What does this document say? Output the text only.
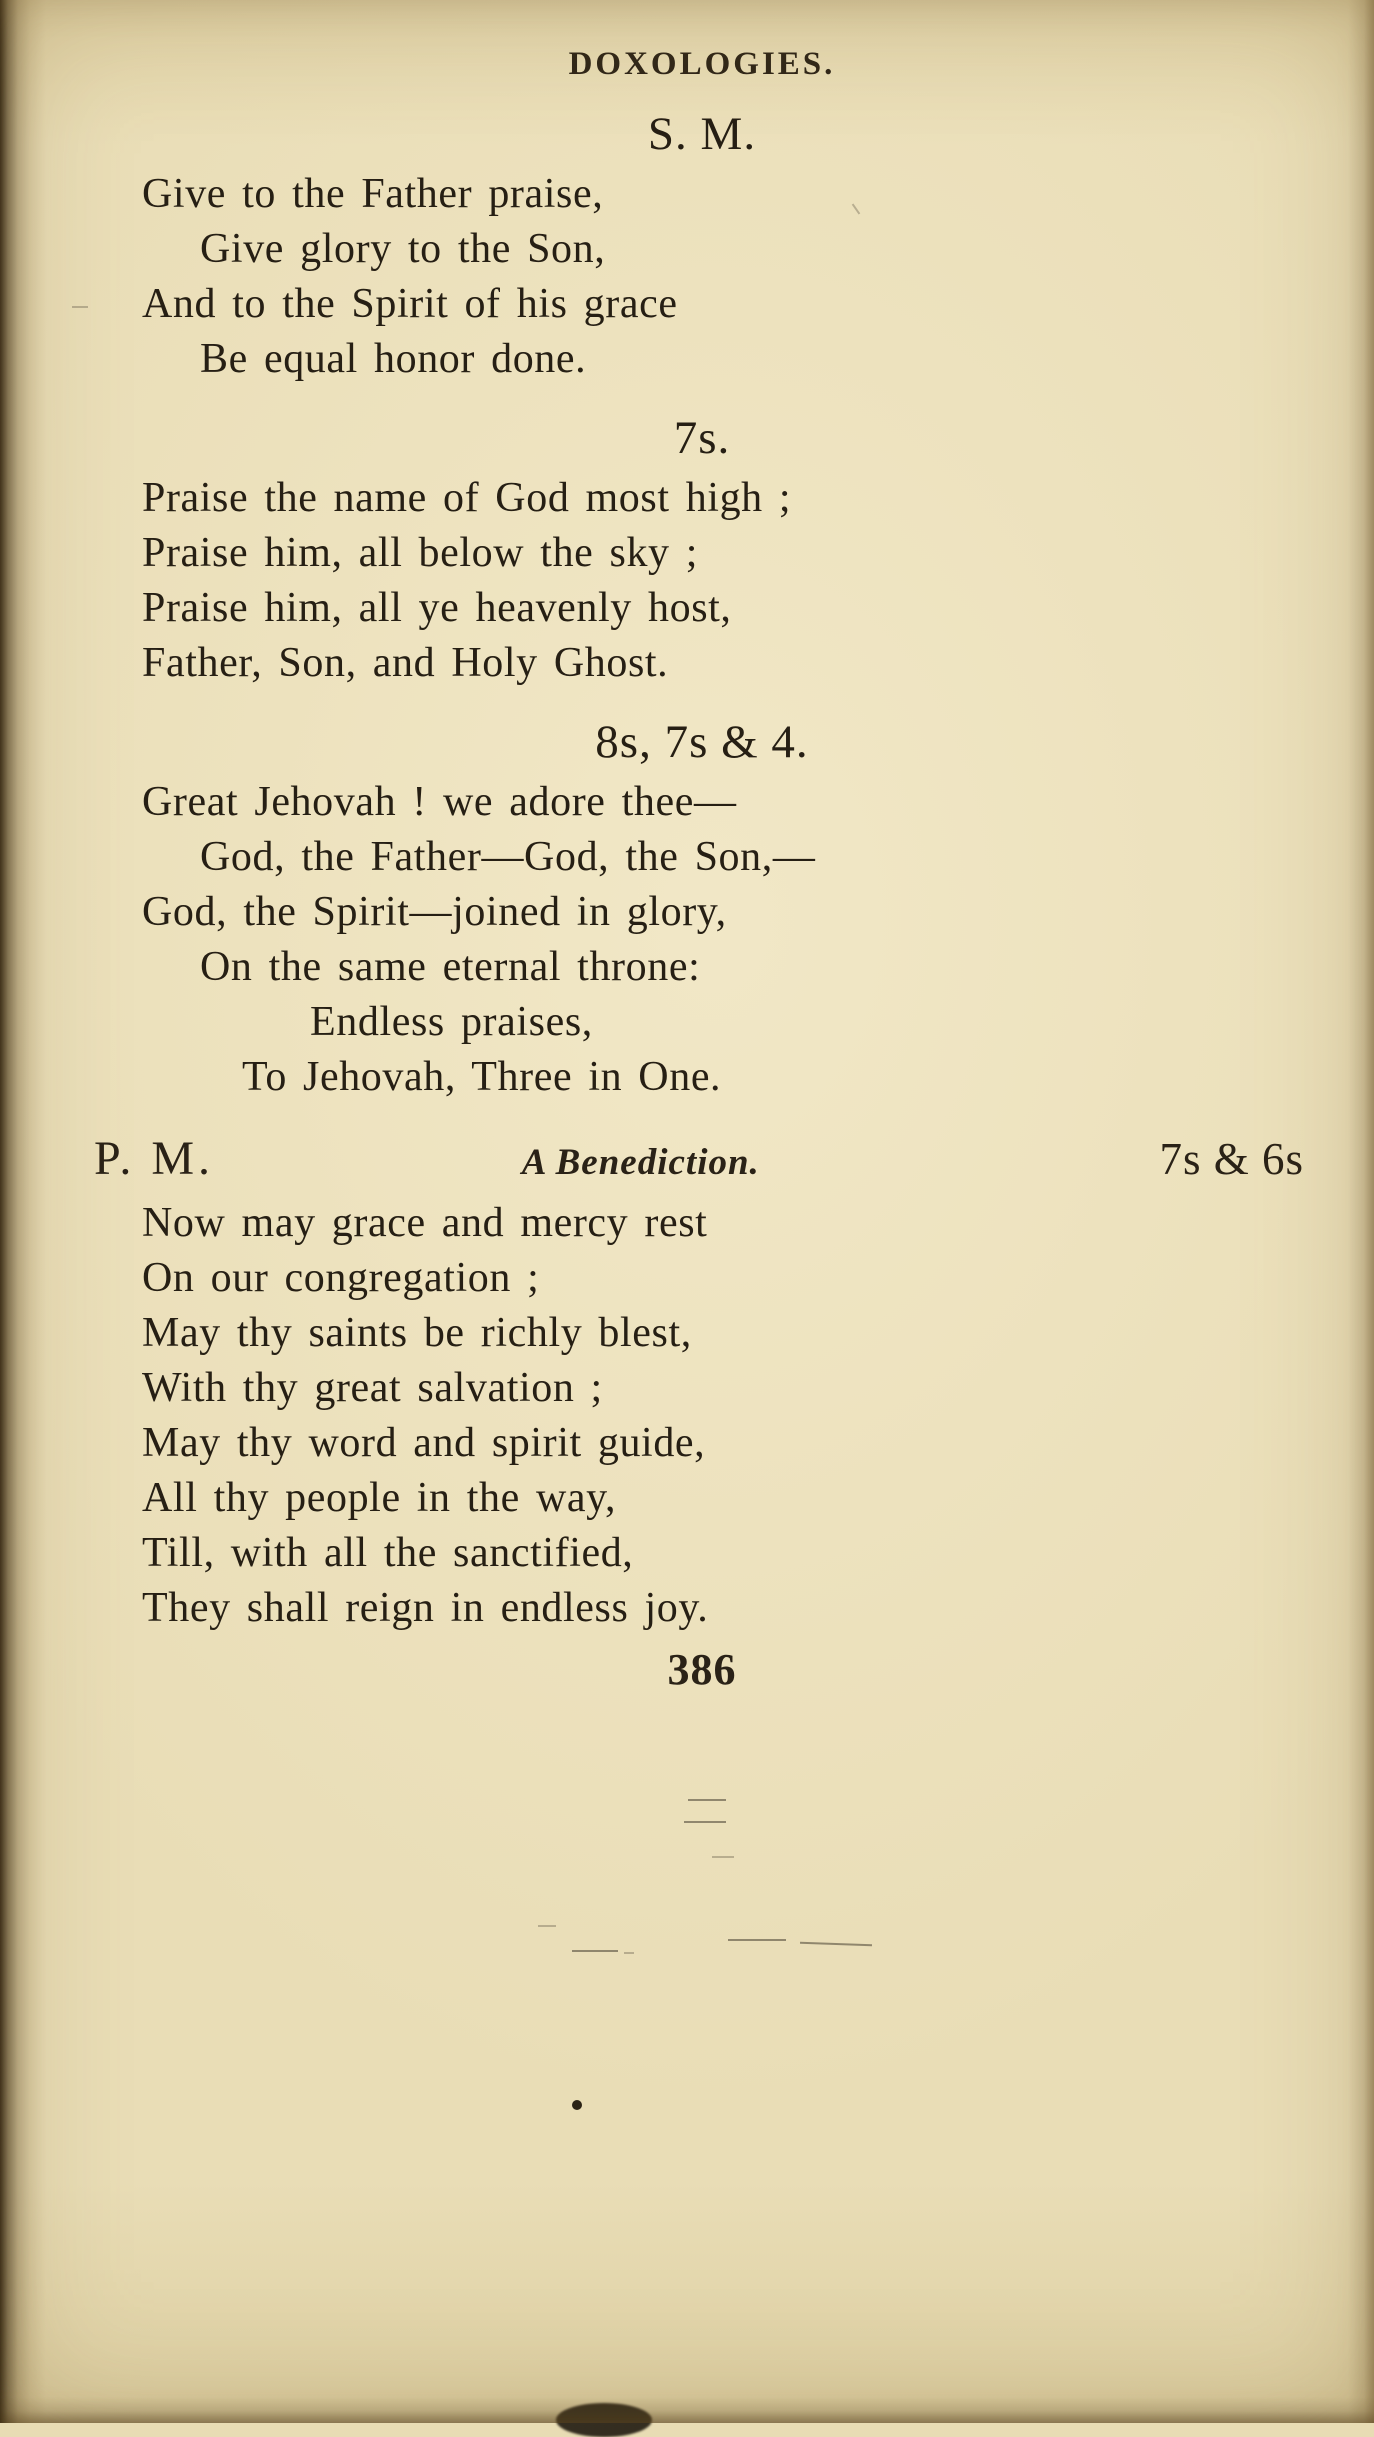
DOXOLOGIES.
S. M.
Give to the Father praise,
Give glory to the Son,
And to the Spirit of his grace
Be equal honor done.
7s.
Praise the name of God most high ;
Praise him, all below the sky ;
Praise him, all ye heavenly host,
Father, Son, and Holy Ghost.
8s, 7s & 4.
Great Jehovah ! we adore thee—
God, the Father—God, the Son,—
God, the Spirit—joined in glory,
On the same eternal throne:
Endless praises,
To Jehovah, Three in One.
P. M.	A Benediction.	7s & 6s
Now may grace and mercy rest
On our congregation ;
May thy saints be richly blest,
With thy great salvation ;
May thy word and spirit guide,
All thy people in the way,
Till, with all the sanctified,
They shall reign in endless joy.
386
